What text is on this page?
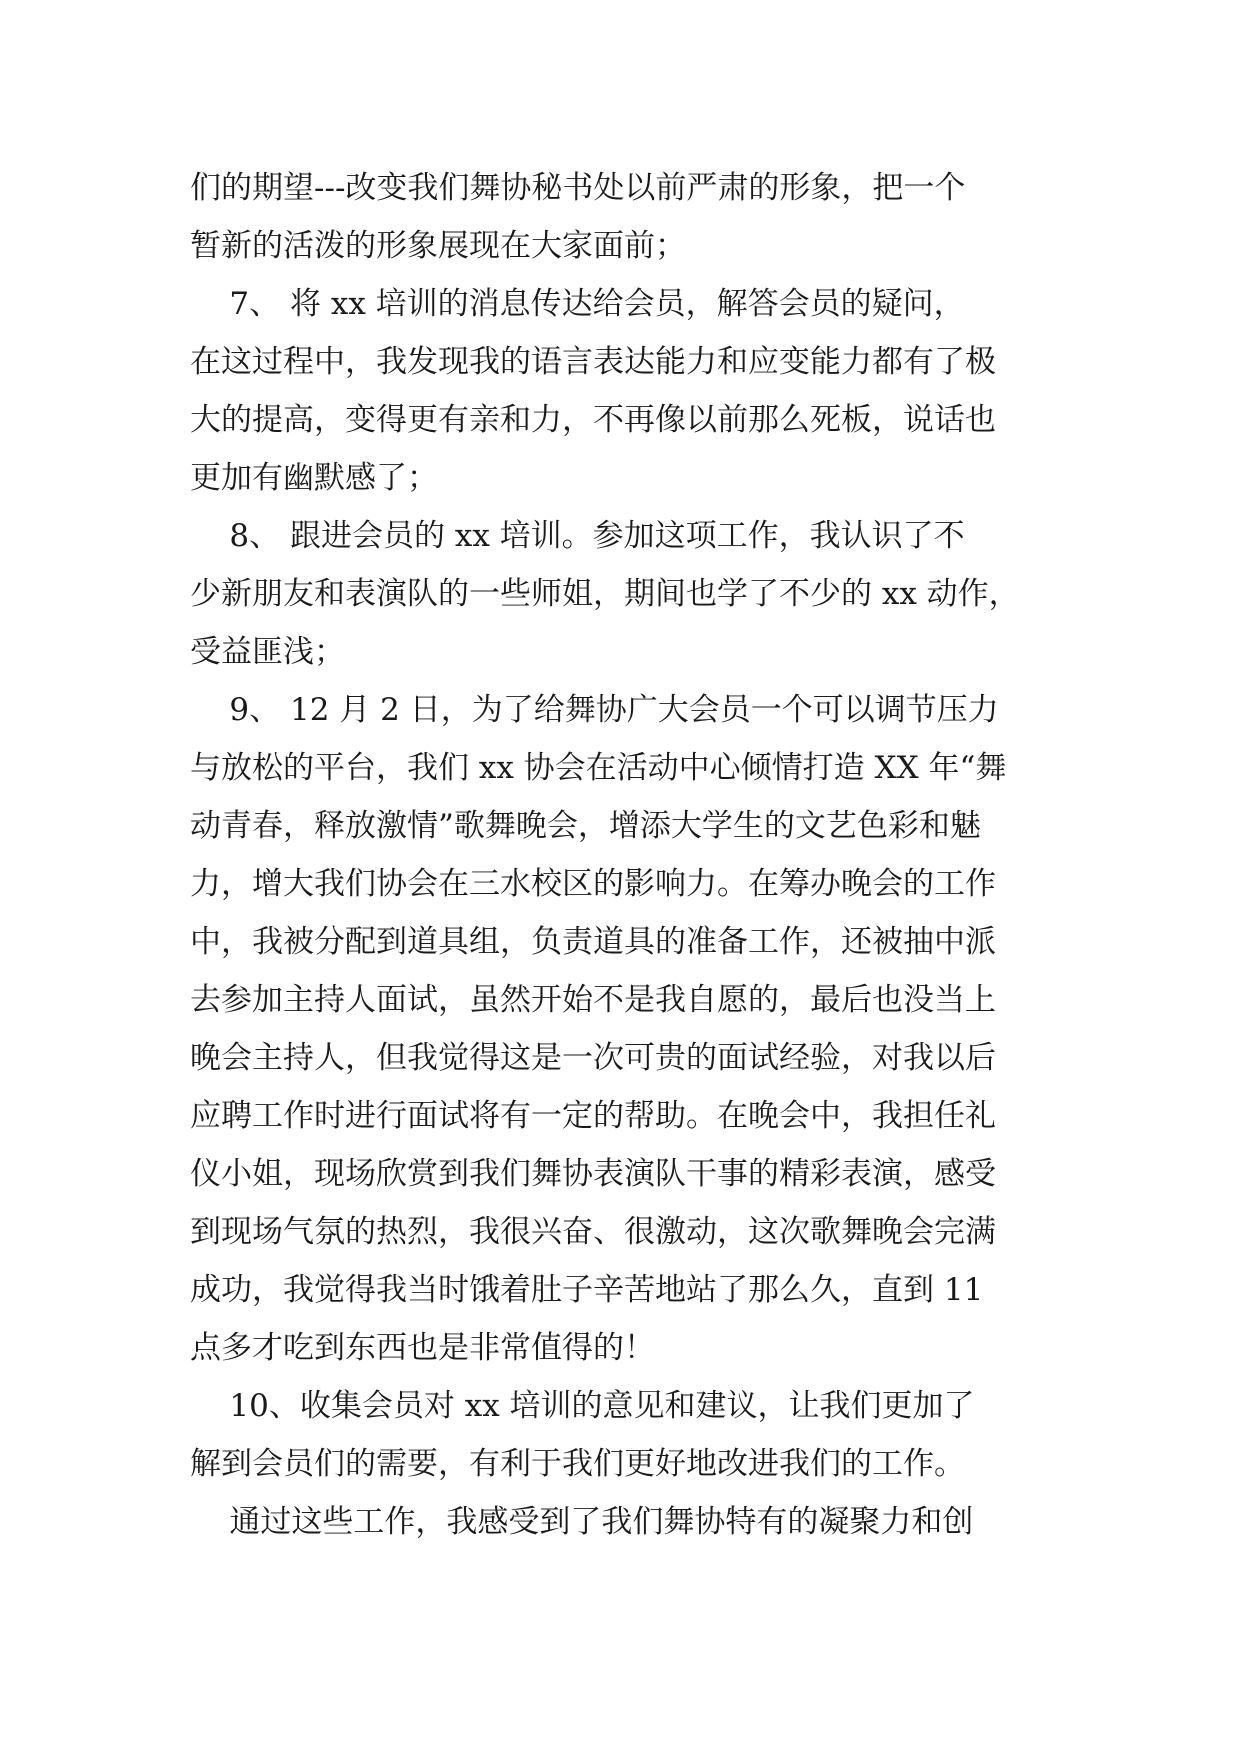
们的期望---改变我们舞协秘书处以前严肃的形象，把一个
暂新的活泼的形象展现在大家面前；
7、 将 xx 培训的消息传达给会员，解答会员的疑问，
在这过程中，我发现我的语言表达能力和应变能力都有了极
大的提高，变得更有亲和力，不再像以前那么死板，说话也
更加有幽默感了；
8、 跟进会员的 xx 培训。参加这项工作，我认识了不
少新朋友和表演队的一些师姐，期间也学了不少的 xx 动作，
受益匪浅；
9、 12 月 2 日，为了给舞协广大会员一个可以调节压力
与放松的平台，我们 xx 协会在活动中心倾情打造 XX 年“舞
动青春，释放激情”歌舞晚会，增添大学生的文艺色彩和魅
力，增大我们协会在三水校区的影响力。在筹办晚会的工作
中，我被分配到道具组，负责道具的准备工作，还被抽中派
去参加主持人面试，虽然开始不是我自愿的，最后也没当上
晚会主持人，但我觉得这是一次可贵的面试经验，对我以后
应聘工作时进行面试将有一定的帮助。在晚会中，我担任礼
仪小姐，现场欣赏到我们舞协表演队干事的精彩表演，感受
到现场气氛的热烈，我很兴奋、很激动，这次歌舞晚会完满
成功，我觉得我当时饿着肚子辛苦地站了那么久，直到 11
点多才吃到东西也是非常值得的！
10、收集会员对 xx 培训的意见和建议，让我们更加了
解到会员们的需要，有利于我们更好地改进我们的工作。
通过这些工作，我感受到了我们舞协特有的凝聚力和创
